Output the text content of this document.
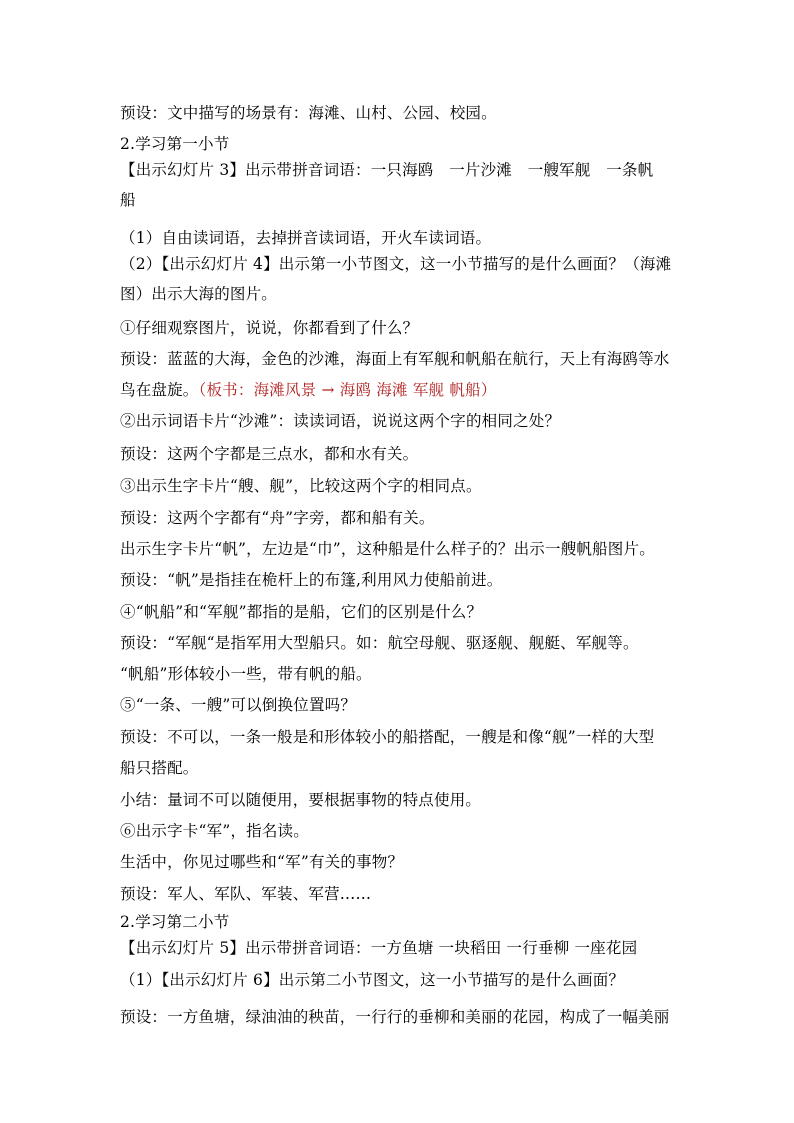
预设：文中描写的场景有：海滩、山村、公园、校园。
2.学习第一小节
【出示幻灯片 3】出示带拼音词语：一只海鸥　一片沙滩　一艘军舰　一条帆
船
（1）自由读词语，去掉拼音读词语，开火车读词语。
（2）【出示幻灯片 4】出示第一小节图文，这一小节描写的是什么画面？（海滩
图）出示大海的图片。
①仔细观察图片，说说，你都看到了什么？
预设：蓝蓝的大海，金色的沙滩，海面上有军舰和帆船在航行，天上有海鸥等水
鸟在盘旋。（板书：海滩风景 → 海鸥 海滩 军舰 帆船）
②出示词语卡片“沙滩”：读读词语，说说这两个字的相同之处？
预设：这两个字都是三点水，都和水有关。
③出示生字卡片“艘、舰”，比较这两个字的相同点。
预设：这两个字都有“舟”字旁，都和船有关。
出示生字卡片“帆”，左边是“巾”，这种船是什么样子的？出示一艘帆船图片。
预设：“帆”是指挂在桅杆上的布篷,利用风力使船前进。
④“帆船”和“军舰”都指的是船，它们的区别是什么？
预设：“军舰“是指军用大型船只。如：航空母舰、驱逐舰、舰艇、军舰等。
“帆船”形体较小一些，带有帆的船。
⑤“一条、一艘”可以倒换位置吗？
预设：不可以，一条一般是和形体较小的船搭配，一艘是和像“舰”一样的大型
船只搭配。
小结：量词不可以随便用，要根据事物的特点使用。
⑥出示字卡“军”，指名读。
生活中，你见过哪些和“军”有关的事物？
预设：军人、军队、军装、军营……
2.学习第二小节
【出示幻灯片 5】出示带拼音词语：一方鱼塘 一块稻田 一行垂柳 一座花园
（1）【出示幻灯片 6】出示第二小节图文，这一小节描写的是什么画面？
预设：一方鱼塘，绿油油的秧苗，一行行的垂柳和美丽的花园，构成了一幅美丽
